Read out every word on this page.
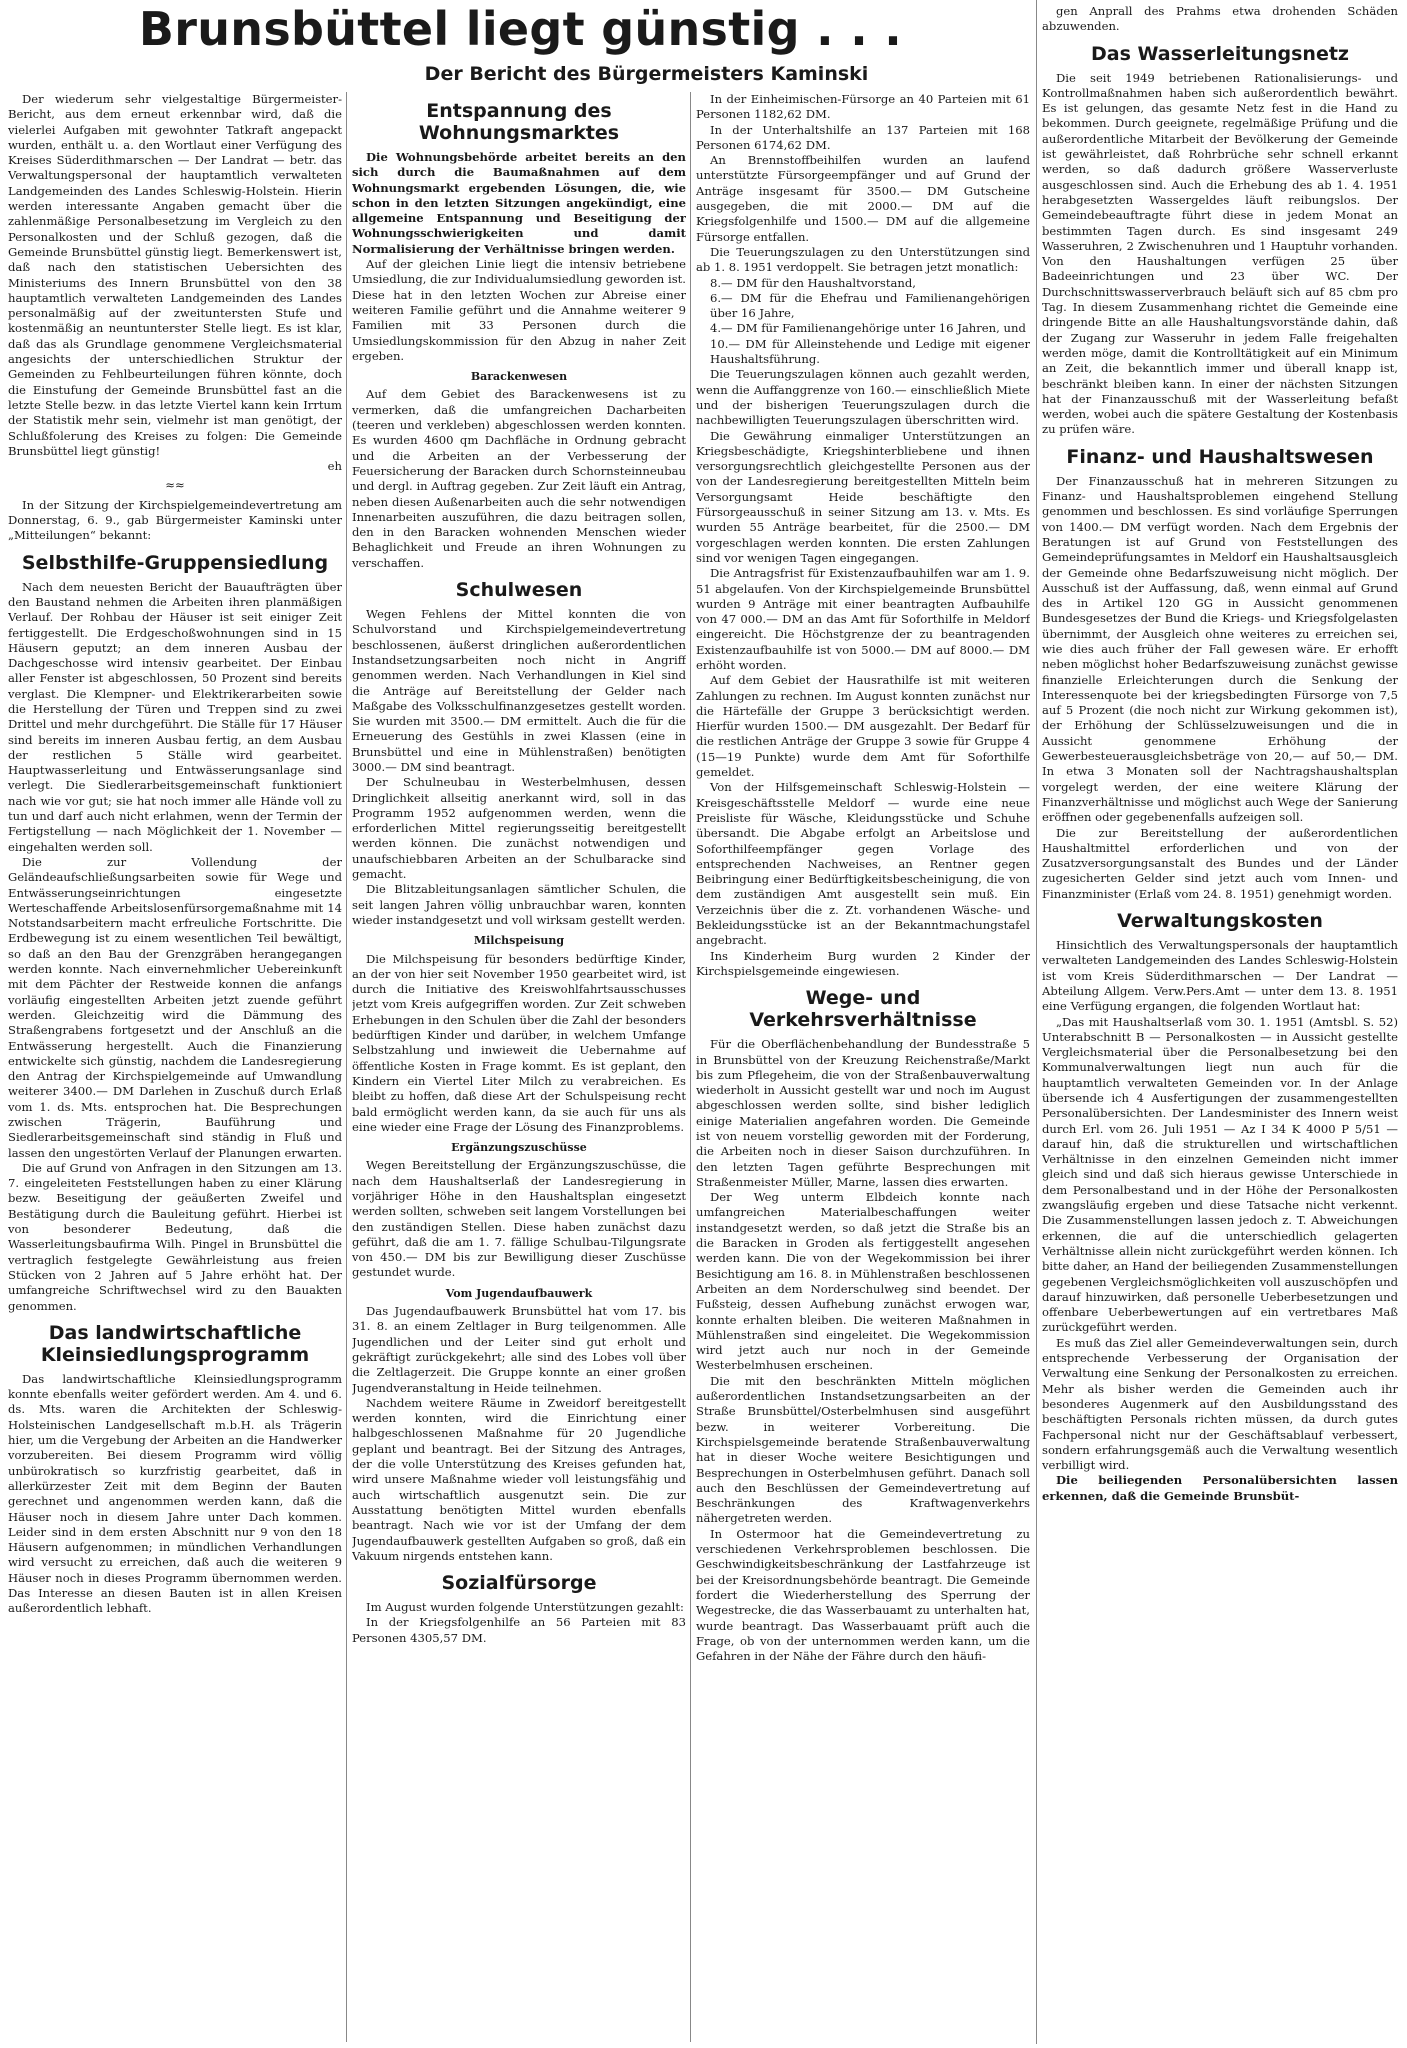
Brunsbüttel liegt günstig . . .
Der Bericht des Bürgermeisters Kaminski

Der wiederum sehr vielgestaltige Bürgermeister-Bericht, aus dem erneut erkennbar wird, daß die vielerlei Aufgaben mit gewohnter Tatkraft angepackt wurden, enthält u. a. den Wortlaut einer Verfügung des Kreises Süderdithmarschen — Der Landrat — betr. das Verwaltungspersonal der hauptamtlich verwalteten Landgemeinden des Landes Schleswig-Holstein. Hierin werden interessante Angaben gemacht über die zahlenmäßige Personalbesetzung im Vergleich zu den Personalkosten und der Schluß gezogen, daß die Gemeinde Brunsbüttel günstig liegt. Bemerkenswert ist, daß nach den statistischen Uebersichten des Ministeriums des Innern Brunsbüttel von den 38 hauptamtlich verwalteten Landgemeinden des Landes personalmäßig auf der zweituntersten Stufe und kostenmäßig an neuntunterster Stelle liegt. Es ist klar, daß das als Grundlage genommene Vergleichsmaterial angesichts der unterschiedlichen Struktur der Gemeinden zu Fehlbeurteilungen führen könnte, doch die Einstufung der Gemeinde Brunsbüttel fast an die letzte Stelle bezw. in das letzte Viertel kann kein Irrtum der Statistik mehr sein, vielmehr ist man genötigt, der Schlußfolerung des Kreises zu folgen: Die Gemeinde Brunsbüttel liegt günstig!

eh

≈≈

In der Sitzung der Kirchspielgemeindevertretung am Donnerstag, 6. 9., gab Bürgermeister Kaminski unter „Mitteilungen“ bekannt:

Selbsthilfe-Gruppensiedlung

Nach dem neuesten Bericht der Bauaufträgten über den Baustand nehmen die Arbeiten ihren planmäßigen Verlauf. Der Rohbau der Häuser ist seit einiger Zeit fertiggestellt. Die Erdgeschoßwohnungen sind in 15 Häusern geputzt; an dem inneren Ausbau der Dachgeschosse wird intensiv gearbeitet. Der Einbau aller Fenster ist abgeschlossen, 50 Prozent sind bereits verglast. Die Klempner- und Elektrikerarbeiten sowie die Herstellung der Türen und Treppen sind zu zwei Drittel und mehr durchgeführt. Die Ställe für 17 Häuser sind bereits im inneren Ausbau fertig, an dem Ausbau der restlichen 5 Ställe wird gearbeitet. Hauptwasserleitung und Entwässerungsanlage sind verlegt. Die Siedlerarbeitsgemeinschaft funktioniert nach wie vor gut; sie hat noch immer alle Hände voll zu tun und darf auch nicht erlahmen, wenn der Termin der Fertigstellung — nach Möglichkeit der 1. November — eingehalten werden soll.

Die zur Vollendung der Geländeaufschließungsarbeiten sowie für Wege und Entwässerungseinrichtungen eingesetzte Werteschaffende Arbeitslosenfürsorgemaßnahme mit 14 Notstandsarbeitern macht erfreuliche Fortschritte. Die Erdbewegung ist zu einem wesentlichen Teil bewältigt, so daß an den Bau der Grenzgräben herangegangen werden konnte. Nach einvernehmlicher Uebereinkunft mit dem Pächter der Restweide konnen die anfangs vorläufig eingestellten Arbeiten jetzt zuende geführt werden. Gleichzeitig wird die Dämmung des Straßengrabens fortgesetzt und der Anschluß an die Entwässerung hergestellt. Auch die Finanzierung entwickelte sich günstig, nachdem die Landesregierung den Antrag der Kirchspielgemeinde auf Umwandlung weiterer 3400.— DM Darlehen in Zuschuß durch Erlaß vom 1. ds. Mts. entsprochen hat. Die Besprechungen zwischen Trägerin, Bauführung und Siedlerarbeitsgemeinschaft sind ständig in Fluß und lassen den ungestörten Verlauf der Planungen erwarten.

Die auf Grund von Anfragen in den Sitzungen am 13. 7. eingeleiteten Feststellungen haben zu einer Klärung bezw. Beseitigung der geäußerten Zweifel und Bestätigung durch die Bauleitung geführt. Hierbei ist von besonderer Bedeutung, daß die Wasserleitungsbaufirma Wilh. Pingel in Brunsbüttel die vertraglich festgelegte Gewährleistung aus freien Stücken von 2 Jahren auf 5 Jahre erhöht hat. Der umfangreiche Schriftwechsel wird zu den Bauakten genommen.

Das landwirtschaftliche Kleinsiedlungsprogramm

Das landwirtschaftliche Kleinsiedlungsprogramm konnte ebenfalls weiter gefördert werden. Am 4. und 6. ds. Mts. waren die Architekten der Schleswig-Holsteinischen Landgesellschaft m.b.H. als Trägerin hier, um die Vergebung der Arbeiten an die Handwerker vorzubereiten. Bei diesem Programm wird völlig unbürokratisch so kurzfristig gearbeitet, daß in allerkürzester Zeit mit dem Beginn der Bauten gerechnet und angenommen werden kann, daß die Häuser noch in diesem Jahre unter Dach kommen. Leider sind in dem ersten Abschnitt nur 9 von den 18 Häusern aufgenommen; in mündlichen Verhandlungen wird versucht zu erreichen, daß auch die weiteren 9 Häuser noch in dieses Programm übernommen werden. Das Interesse an diesen Bauten ist in allen Kreisen außerordentlich lebhaft.

Entspannung des Wohnungsmarktes

Die Wohnungsbehörde arbeitet bereits an den sich durch die Baumaßnahmen auf dem Wohnungsmarkt ergebenden Lösungen, die, wie schon in den letzten Sitzungen angekündigt, eine allgemeine Entspannung und Beseitigung der Wohnungsschwierigkeiten und damit Normalisierung der Verhältnisse bringen werden.

Auf der gleichen Linie liegt die intensiv betriebene Umsiedlung, die zur Individualumsiedlung geworden ist. Diese hat in den letzten Wochen zur Abreise einer weiteren Familie geführt und die Annahme weiterer 9 Familien mit 33 Personen durch die Umsiedlungskommission für den Abzug in naher Zeit ergeben.

Barackenwesen

Auf dem Gebiet des Barackenwesens ist zu vermerken, daß die umfangreichen Dacharbeiten (teeren und verkleben) abgeschlossen werden konnten. Es wurden 4600 qm Dachfläche in Ordnung gebracht und die Arbeiten an der Verbesserung der Feuersicherung der Baracken durch Schornsteinneubau und dergl. in Auftrag gegeben. Zur Zeit läuft ein Antrag, neben diesen Außenarbeiten auch die sehr notwendigen Innenarbeiten auszuführen, die dazu beitragen sollen, den in den Baracken wohnenden Menschen wieder Behaglichkeit und Freude an ihren Wohnungen zu verschaffen.

Schulwesen

Wegen Fehlens der Mittel konnten die von Schulvorstand und Kirchspielgemeindevertretung beschlossenen, äußerst dringlichen außerordentlichen Instandsetzungsarbeiten noch nicht in Angriff genommen werden. Nach Verhandlungen in Kiel sind die Anträge auf Bereitstellung der Gelder nach Maßgabe des Volksschulfinanzgesetzes gestellt worden. Sie wurden mit 3500.— DM ermittelt. Auch die für die Erneuerung des Gestühls in zwei Klassen (eine in Brunsbüttel und eine in Mühlenstraßen) benötigten 3000.— DM sind beantragt.

Der Schulneubau in Westerbelmhusen, dessen Dringlichkeit allseitig anerkannt wird, soll in das Programm 1952 aufgenommen werden, wenn die erforderlichen Mittel regierungsseitig bereitgestellt werden können. Die zunächst notwendigen und unaufschiebbaren Arbeiten an der Schulbaracke sind gemacht.

Die Blitzableitungsanlagen sämtlicher Schulen, die seit langen Jahren völlig unbrauchbar waren, konnten wieder instandgesetzt und voll wirksam gestellt werden.

Milchspeisung

Die Milchspeisung für besonders bedürftige Kinder, an der von hier seit November 1950 gearbeitet wird, ist durch die Initiative des Kreiswohlfahrtsausschusses jetzt vom Kreis aufgegriffen worden. Zur Zeit schweben Erhebungen in den Schulen über die Zahl der besonders bedürftigen Kinder und darüber, in welchem Umfange Selbstzahlung und inwieweit die Uebernahme auf öffentliche Kosten in Frage kommt. Es ist geplant, den Kindern ein Viertel Liter Milch zu verabreichen. Es bleibt zu hoffen, daß diese Art der Schulspeisung recht bald ermöglicht werden kann, da sie auch für uns als eine wieder eine Frage der Lösung des Finanzproblems.

Ergänzungszuschüsse

Wegen Bereitstellung der Ergänzungszuschüsse, die nach dem Haushaltserlaß der Landesregierung in vorjähriger Höhe in den Haushaltsplan eingesetzt werden sollten, schweben seit langem Vorstellungen bei den zuständigen Stellen. Diese haben zunächst dazu geführt, daß die am 1. 7. fällige Schulbau-Tilgungsrate von 450.— DM bis zur Bewilligung dieser Zuschüsse gestundet wurde.

Vom Jugendaufbauwerk

Das Jugendaufbauwerk Brunsbüttel hat vom 17. bis 31. 8. an einem Zeltlager in Burg teilgenommen. Alle Jugendlichen und der Leiter sind gut erholt und gekräftigt zurückgekehrt; alle sind des Lobes voll über die Zeltlagerzeit. Die Gruppe konnte an einer großen Jugendveranstaltung in Heide teilnehmen.

Nachdem weitere Räume in Zweidorf bereitgestellt werden konnten, wird die Einrichtung einer halbgeschlossenen Maßnahme für 20 Jugendliche geplant und beantragt. Bei der Sitzung des Antrages, der die volle Unterstützung des Kreises gefunden hat, wird unsere Maßnahme wieder voll leistungsfähig und auch wirtschaftlich ausgenutzt sein. Die zur Ausstattung benötigten Mittel wurden ebenfalls beantragt. Nach wie vor ist der Umfang der dem Jugendaufbauwerk gestellten Aufgaben so groß, daß ein Vakuum nirgends entstehen kann.

Sozialfürsorge

Im August wurden folgende Unterstützungen gezahlt:

In der Kriegsfolgenhilfe an 56 Parteien mit 83 Personen 4305,57 DM.

In der Einheimischen-Fürsorge an 40 Parteien mit 61 Personen 1182,62 DM.

In der Unterhaltshilfe an 137 Parteien mit 168 Personen 6174,62 DM.

An Brennstoffbeihilfen wurden an laufend unterstützte Fürsorgeempfänger und auf Grund der Anträge insgesamt für 3500.— DM Gutscheine ausgegeben, die mit 2000.— DM auf die Kriegsfolgenhilfe und 1500.— DM auf die allgemeine Fürsorge entfallen.

Die Teuerungszulagen zu den Unterstützungen sind ab 1. 8. 1951 verdoppelt. Sie betragen jetzt monatlich:

8.— DM für den Haushaltvorstand,

6.— DM für die Ehefrau und Familienangehörigen über 16 Jahre,

4.— DM für Familienangehörige unter 16 Jahren, und

10.— DM für Alleinstehende und Ledige mit eigener Haushaltsführung.

Die Teuerungszulagen können auch gezahlt werden, wenn die Auffanggrenze von 160.— einschließlich Miete und der bisherigen Teuerungszulagen durch die nachbewilligten Teuerungszulagen überschritten wird.

Die Gewährung einmaliger Unterstützungen an Kriegsbeschädigte, Kriegshinterbliebene und ihnen versorgungsrechtlich gleichgestellte Personen aus der von der Landesregierung bereitgestellten Mitteln beim Versorgungsamt Heide beschäftigte den Fürsorgeausschuß in seiner Sitzung am 13. v. Mts. Es wurden 55 Anträge bearbeitet, für die 2500.— DM vorgeschlagen werden konnten. Die ersten Zahlungen sind vor wenigen Tagen eingegangen.

Die Antragsfrist für Existenzaufbauhilfen war am 1. 9. 51 abgelaufen. Von der Kirchspielgemeinde Brunsbüttel wurden 9 Anträge mit einer beantragten Aufbauhilfe von 47 000.— DM an das Amt für Soforthilfe in Meldorf eingereicht. Die Höchstgrenze der zu beantragenden Existenzaufbauhilfe ist von 5000.— DM auf 8000.— DM erhöht worden.

Auf dem Gebiet der Hausrathilfe ist mit weiteren Zahlungen zu rechnen. Im August konnten zunächst nur die Härtefälle der Gruppe 3 berücksichtigt werden. Hierfür wurden 1500.— DM ausgezahlt. Der Bedarf für die restlichen Anträge der Gruppe 3 sowie für Gruppe 4 (15—19 Punkte) wurde dem Amt für Soforthilfe gemeldet.

Von der Hilfsgemeinschaft Schleswig-Holstein — Kreisgeschäftsstelle Meldorf — wurde eine neue Preisliste für Wäsche, Kleidungsstücke und Schuhe übersandt. Die Abgabe erfolgt an Arbeitslose und Soforthilfeempfänger gegen Vorlage des entsprechenden Nachweises, an Rentner gegen Beibringung einer Bedürftigkeitsbescheinigung, die von dem zuständigen Amt ausgestellt sein muß. Ein Verzeichnis über die z. Zt. vorhandenen Wäsche- und Bekleidungsstücke ist an der Bekanntmachungstafel angebracht.

Ins Kinderheim Burg wurden 2 Kinder der Kirchspielsgemeinde eingewiesen.

Wege- und Verkehrsverhältnisse

Für die Oberflächenbehandlung der Bundesstraße 5 in Brunsbüttel von der Kreuzung Reichenstraße/Markt bis zum Pflegeheim, die von der Straßenbauverwaltung wiederholt in Aussicht gestellt war und noch im August abgeschlossen werden sollte, sind bisher lediglich einige Materialien angefahren worden. Die Gemeinde ist von neuem vorstellig geworden mit der Forderung, die Arbeiten noch in dieser Saison durchzuführen. In den letzten Tagen geführte Besprechungen mit Straßenmeister Müller, Marne, lassen dies erwarten.

Der Weg unterm Elbdeich konnte nach umfangreichen Materialbeschaffungen weiter instandgesetzt werden, so daß jetzt die Straße bis an die Baracken in Groden als fertiggestellt angesehen werden kann. Die von der Wegekommission bei ihrer Besichtigung am 16. 8. in Mühlenstraßen beschlossenen Arbeiten an dem Norderschulweg sind beendet. Der Fußsteig, dessen Aufhebung zunächst erwogen war, konnte erhalten bleiben. Die weiteren Maßnahmen in Mühlenstraßen sind eingeleitet. Die Wegekommission wird jetzt auch nur noch in der Gemeinde Westerbelmhusen erscheinen.

Die mit den beschränkten Mitteln möglichen außerordentlichen Instandsetzungsarbeiten an der Straße Brunsbüttel/Osterbelmhusen sind ausgeführt bezw. in weiterer Vorbereitung. Die Kirchspielsgemeinde beratende Straßenbauverwaltung hat in dieser Woche weitere Besichtigungen und Besprechungen in Osterbelmhusen geführt. Danach soll auch den Beschlüssen der Gemeindevertretung auf Beschränkungen des Kraftwagenverkehrs nähergetreten werden.

In Ostermoor hat die Gemeindevertretung zu verschiedenen Verkehrsproblemen beschlossen. Die Geschwindigkeitsbeschränkung der Lastfahrzeuge ist bei der Kreisordnungsbehörde beantragt. Die Gemeinde fordert die Wiederherstellung des Sperrung der Wegestrecke, die das Wasserbauamt zu unterhalten hat, wurde beantragt. Das Wasserbauamt prüft auch die Frage, ob von der unternommen werden kann, um die Gefahren in der Nähe der Fähre durch den häufi-

gen Anprall des Prahms etwa drohenden Schäden abzuwenden.

Das Wasserleitungsnetz

Die seit 1949 betriebenen Rationalisierungs- und Kontrollmaßnahmen haben sich außerordentlich bewährt. Es ist gelungen, das gesamte Netz fest in die Hand zu bekommen. Durch geeignete, regelmäßige Prüfung und die außerordentliche Mitarbeit der Bevölkerung der Gemeinde ist gewährleistet, daß Rohrbrüche sehr schnell erkannt werden, so daß dadurch größere Wasserverluste ausgeschlossen sind. Auch die Erhebung des ab 1. 4. 1951 herabgesetzten Wassergeldes läuft reibungslos. Der Gemeindebeauftragte führt diese in jedem Monat an bestimmten Tagen durch. Es sind insgesamt 249 Wasseruhren, 2 Zwischenuhren und 1 Hauptuhr vorhanden. Von den Haushaltungen verfügen 25 über Badeeinrichtungen und 23 über WC. Der Durchschnittswasserverbrauch beläuft sich auf 85 cbm pro Tag. In diesem Zusammenhang richtet die Gemeinde eine dringende Bitte an alle Haushaltungsvorstände dahin, daß der Zugang zur Wasseruhr in jedem Falle freigehalten werden möge, damit die Kontrolltätigkeit auf ein Minimum an Zeit, die bekanntlich immer und überall knapp ist, beschränkt bleiben kann. In einer der nächsten Sitzungen hat der Finanzausschuß mit der Wasserleitung befaßt werden, wobei auch die spätere Gestaltung der Kostenbasis zu prüfen wäre.

Finanz- und Haushaltswesen

Der Finanzausschuß hat in mehreren Sitzungen zu Finanz- und Haushaltsproblemen eingehend Stellung genommen und beschlossen. Es sind vorläufige Sperrungen von 1400.— DM verfügt worden. Nach dem Ergebnis der Beratungen ist auf Grund von Feststellungen des Gemeindeprüfungsamtes in Meldorf ein Haushaltsausgleich der Gemeinde ohne Bedarfszuweisung nicht möglich. Der Ausschuß ist der Auffassung, daß, wenn einmal auf Grund des in Artikel 120 GG in Aussicht genommenen Bundesgesetzes der Bund die Kriegs- und Kriegsfolgelasten übernimmt, der Ausgleich ohne weiteres zu erreichen sei, wie dies auch früher der Fall gewesen wäre. Er erhofft neben möglichst hoher Bedarfszuweisung zunächst gewisse finanzielle Erleichterungen durch die Senkung der Interessenquote bei der kriegsbedingten Fürsorge von 7,5 auf 5 Prozent (die noch nicht zur Wirkung gekommen ist), der Erhöhung der Schlüsselzuweisungen und die in Aussicht genommene Erhöhung der Gewerbesteuerausgleichsbeträge von 20,— auf 50,— DM. In etwa 3 Monaten soll der Nachtragshaushaltsplan vorgelegt werden, der eine weitere Klärung der Finanzverhältnisse und möglichst auch Wege der Sanierung eröffnen oder gegebenenfalls aufzeigen soll.

Die zur Bereitstellung der außerordentlichen Haushaltmittel erforderlichen und von der Zusatzversorgungsanstalt des Bundes und der Länder zugesicherten Gelder sind jetzt auch vom Innen- und Finanzminister (Erlaß vom 24. 8. 1951) genehmigt worden.

Verwaltungskosten

Hinsichtlich des Verwaltungspersonals der hauptamtlich verwalteten Landgemeinden des Landes Schleswig-Holstein ist vom Kreis Süderdithmarschen — Der Landrat — Abteilung Allgem. Verw.Pers.Amt — unter dem 13. 8. 1951 eine Verfügung ergangen, die folgenden Wortlaut hat:

„Das mit Haushaltserlaß vom 30. 1. 1951 (Amtsbl. S. 52) Unterabschnitt B — Personalkosten — in Aussicht gestellte Vergleichsmaterial über die Personalbesetzung bei den Kommunalverwaltungen liegt nun auch für die hauptamtlich verwalteten Gemeinden vor. In der Anlage übersende ich 4 Ausfertigungen der zusammengestellten Personalübersichten. Der Landesminister des Innern weist durch Erl. vom 26. Juli 1951 — Az I 34 K 4000 P 5/51 — darauf hin, daß die strukturellen und wirtschaftlichen Verhältnisse in den einzelnen Gemeinden nicht immer gleich sind und daß sich hieraus gewisse Unterschiede in dem Personalbestand und in der Höhe der Personalkosten zwangsläufig ergeben und diese Tatsache nicht verkennt. Die Zusammenstellungen lassen jedoch z. T. Abweichungen erkennen, die auf die unterschiedlich gelagerten Verhältnisse allein nicht zurückgeführt werden können. Ich bitte daher, an Hand der beiliegenden Zusammenstellungen gegebenen Vergleichsmöglichkeiten voll auszuschöpfen und darauf hinzuwirken, daß personelle Ueberbesetzungen und offenbare Ueberbewertungen auf ein vertretbares Maß zurückgeführt werden.

Es muß das Ziel aller Gemeindeverwaltungen sein, durch entsprechende Verbesserung der Organisation der Verwaltung eine Senkung der Personalkosten zu erreichen. Mehr als bisher werden die Gemeinden auch ihr besonderes Augenmerk auf den Ausbildungsstand des beschäftigten Personals richten müssen, da durch gutes Fachpersonal nicht nur der Geschäftsablauf verbessert, sondern erfahrungsgemäß auch die Verwaltung wesentlich verbilligt wird.

Die beiliegenden Personalübersichten lassen erkennen, daß die Gemeinde Brunsbüt-
